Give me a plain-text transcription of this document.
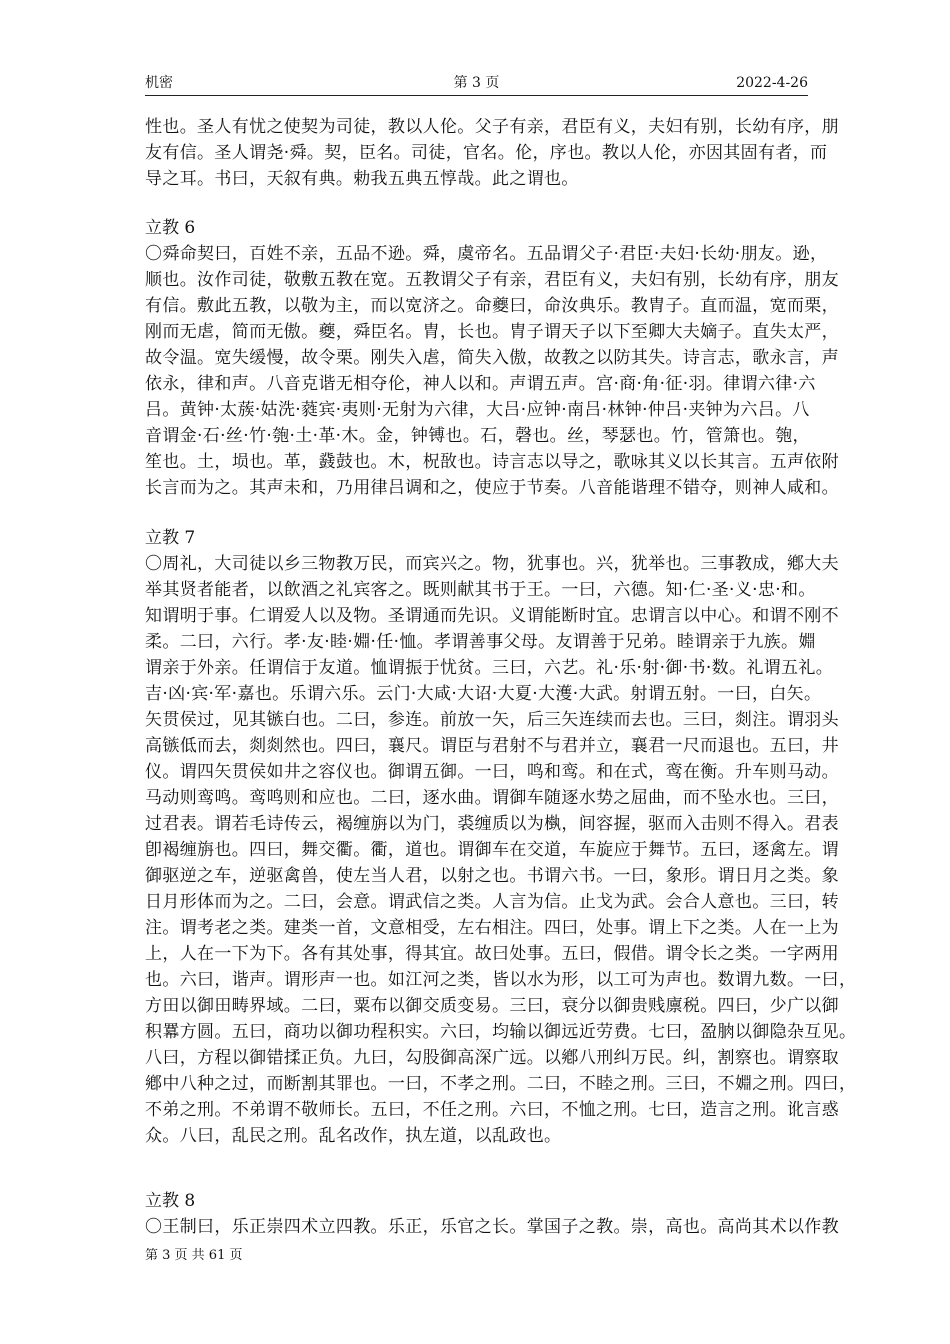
机密	第 3 页	2022-4-26
性也。圣人有忧之使契为司徒，教以人伦。父子有亲，君臣有义，夫妇有别，长幼有序，朋
友有信。圣人谓尧·舜。契，臣名。司徒，官名。伦，序也。教以人伦，亦因其固有者，而
导之耳。书曰，天叙有典。勅我五典五惇哉。此之谓也。
立教 6
〇舜命契曰，百姓不亲，五品不逊。舜，虞帝名。五品谓父子·君臣·夫妇·长幼·朋友。逊，
顺也。汝作司徒，敬敷五教在宽。五教谓父子有亲，君臣有义，夫妇有别，长幼有序，朋友
有信。敷此五教，以敬为主，而以宽济之。命夔曰，命汝典乐。教胄子。直而温，宽而栗，
刚而无虐，简而无傲。夔，舜臣名。胄，长也。胄子谓天子以下至卿大夫嫡子。直失太严，
故令温。宽失缓慢，故令栗。刚失入虐，简失入傲，故教之以防其失。诗言志，歌永言，声
依永，律和声。八音克谐无相夺伦，神人以和。声谓五声。宫·商·角·征·羽。律谓六律·六
吕。黄钟·太蔟·姑洗·蕤宾·夷则·无射为六律，大吕·应钟·南吕·林钟·仲吕·夹钟为六吕。八
音谓金·石·丝·竹·匏·土·革·木。金，钟镈也。石，磬也。丝，琴瑟也。竹，管箫也。匏，
笙也。土，埙也。革，鼗鼓也。木，柷敔也。诗言志以导之，歌咏其义以长其言。五声依附
长言而为之。其声未和，乃用律吕调和之，使应于节奏。八音能谐理不错夺，则神人咸和。
立教 7
〇周礼，大司徒以乡三物教万民，而宾兴之。物，犹事也。兴，犹举也。三事教成，鄕大夫
举其贤者能者，以飲酒之礼宾客之。既则献其书于王。一曰，六德。知·仁·圣·义·忠·和。
知谓明于事。仁谓爱人以及物。圣谓通而先识。义谓能断时宜。忠谓言以中心。和谓不刚不
柔。二曰，六行。孝·友·睦·婣·任·恤。孝谓善事父母。友谓善于兄弟。睦谓亲于九族。婣
谓亲于外亲。任谓信于友道。恤谓振于忧贫。三曰，六艺。礼·乐·射·御·书·数。礼谓五礼。
吉·凶·宾·军·嘉也。乐谓六乐。云门·大咸·大诏·大夏·大濩·大武。射谓五射。一曰，白矢。
矢贯侯过，见其镞白也。二曰，参连。前放一矢，后三矢连续而去也。三曰，剡注。谓羽头
高镞低而去，剡剡然也。四曰，襄尺。谓臣与君射不与君并立，襄君一尺而退也。五曰，井
仪。谓四矢贯侯如井之容仪也。御谓五御。一曰，鸣和鸾。和在式，鸾在衡。升车则马动。
马动则鸾鸣。鸾鸣则和应也。二曰，逐水曲。谓御车随逐水势之屈曲，而不坠水也。三曰，
过君表。谓若毛诗传云，褐缠旃以为门，裘缠质以为槸，间容握，驱而入击则不得入。君表
卽褐缠旃也。四曰，舞交衢。衢，道也。谓御车在交道，车旋应于舞节。五曰，逐禽左。谓
御驱逆之车，逆驱禽兽，使左当人君，以射之也。书谓六书。一曰，象形。谓日月之类。象
日月形体而为之。二曰，会意。谓武信之类。人言为信。止戈为武。会合人意也。三曰，转
注。谓考老之类。建类一首，文意相受，左右相注。四曰，处事。谓上下之类。人在一上为
上，人在一下为下。各有其处事，得其宜。故曰处事。五曰，假借。谓令长之类。一字两用
也。六曰，谐声。谓形声一也。如江河之类，皆以水为形，以工可为声也。数谓九数。一曰，
方田以御田畴界域。二曰，粟布以御交质变易。三曰，衰分以御贵贱廪税。四曰，少广以御
积羃方圆。五曰，商功以御功程积实。六曰，均输以御远近劳费。七曰，盈朒以御隐杂互见。
八曰，方程以御错揉正负。九曰，勾股御高深广远。以鄕八刑纠万民。纠，割察也。谓察取
鄕中八种之过，而断割其罪也。一曰，不孝之刑。二曰，不睦之刑。三曰，不婣之刑。四曰，
不弟之刑。不弟谓不敬师长。五曰，不任之刑。六曰，不恤之刑。七曰，造言之刑。讹言惑
众。八曰，乱民之刑。乱名改作，执左道，以乱政也。
立教 8
〇王制曰，乐正崇四术立四教。乐正，乐官之长。掌国子之教。崇，高也。高尚其术以作教
第 3 页 共 61 页
